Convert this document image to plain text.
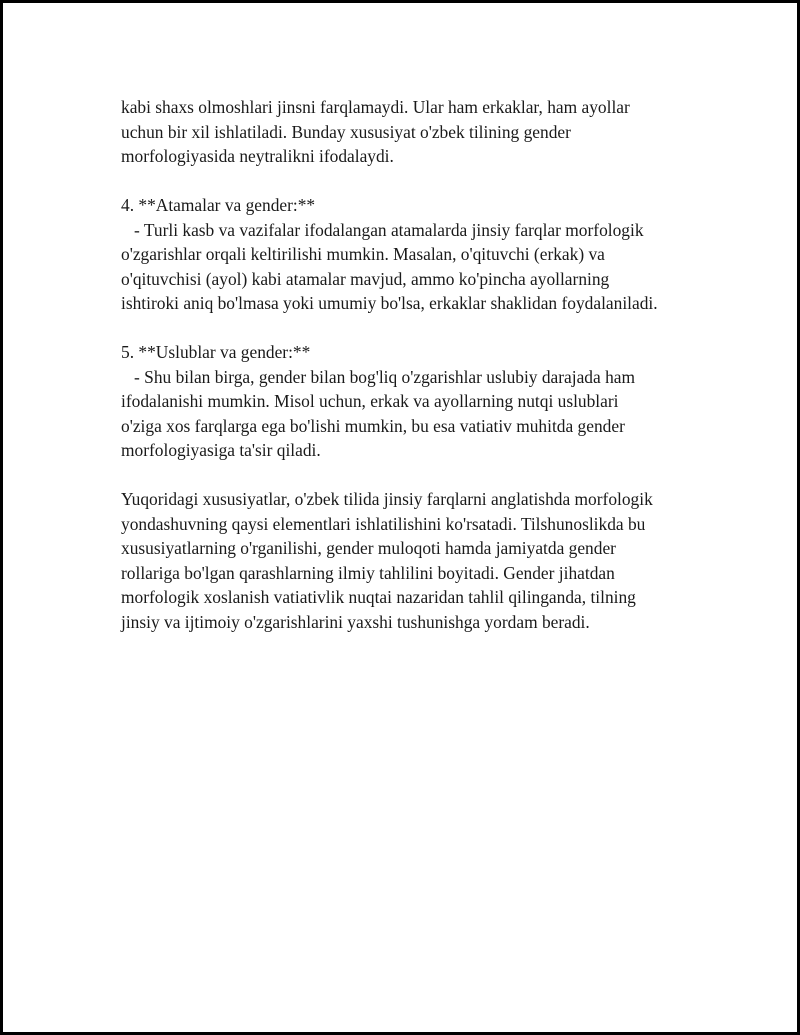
kabi shaxs olmoshlari jinsni farqlamaydi. Ular ham erkaklar, ham ayollar
uchun bir xil ishlatiladi. Bunday xususiyat o'zbek tilining gender
morfologiyasida neytralikni ifodalaydi.
4. **Atamalar va gender:**
- Turli kasb va vazifalar ifodalangan atamalarda jinsiy farqlar morfologik
o'zgarishlar orqali keltirilishi mumkin. Masalan, o'qituvchi (erkak) va
o'qituvchisi (ayol) kabi atamalar mavjud, ammo ko'pincha ayollarning
ishtiroki aniq bo'lmasa yoki umumiy bo'lsa, erkaklar shaklidan foydalaniladi.
5. **Uslublar va gender:**
- Shu bilan birga, gender bilan bog'liq o'zgarishlar uslubiy darajada ham
ifodalanishi mumkin. Misol uchun, erkak va ayollarning nutqi uslublari
o'ziga xos farqlarga ega bo'lishi mumkin, bu esa vatiativ muhitda gender
morfologiyasiga ta'sir qiladi.
Yuqoridagi xususiyatlar, o'zbek tilida jinsiy farqlarni anglatishda morfologik
yondashuvning qaysi elementlari ishlatilishini ko'rsatadi. Tilshunoslikda bu
xususiyatlarning o'rganilishi, gender muloqoti hamda jamiyatda gender
rollariga bo'lgan qarashlarning ilmiy tahlilini boyitadi. Gender jihatdan
morfologik xoslanish vatiativlik nuqtai nazaridan tahlil qilinganda, tilning
jinsiy va ijtimoiy o'zgarishlarini yaxshi tushunishga yordam beradi.
